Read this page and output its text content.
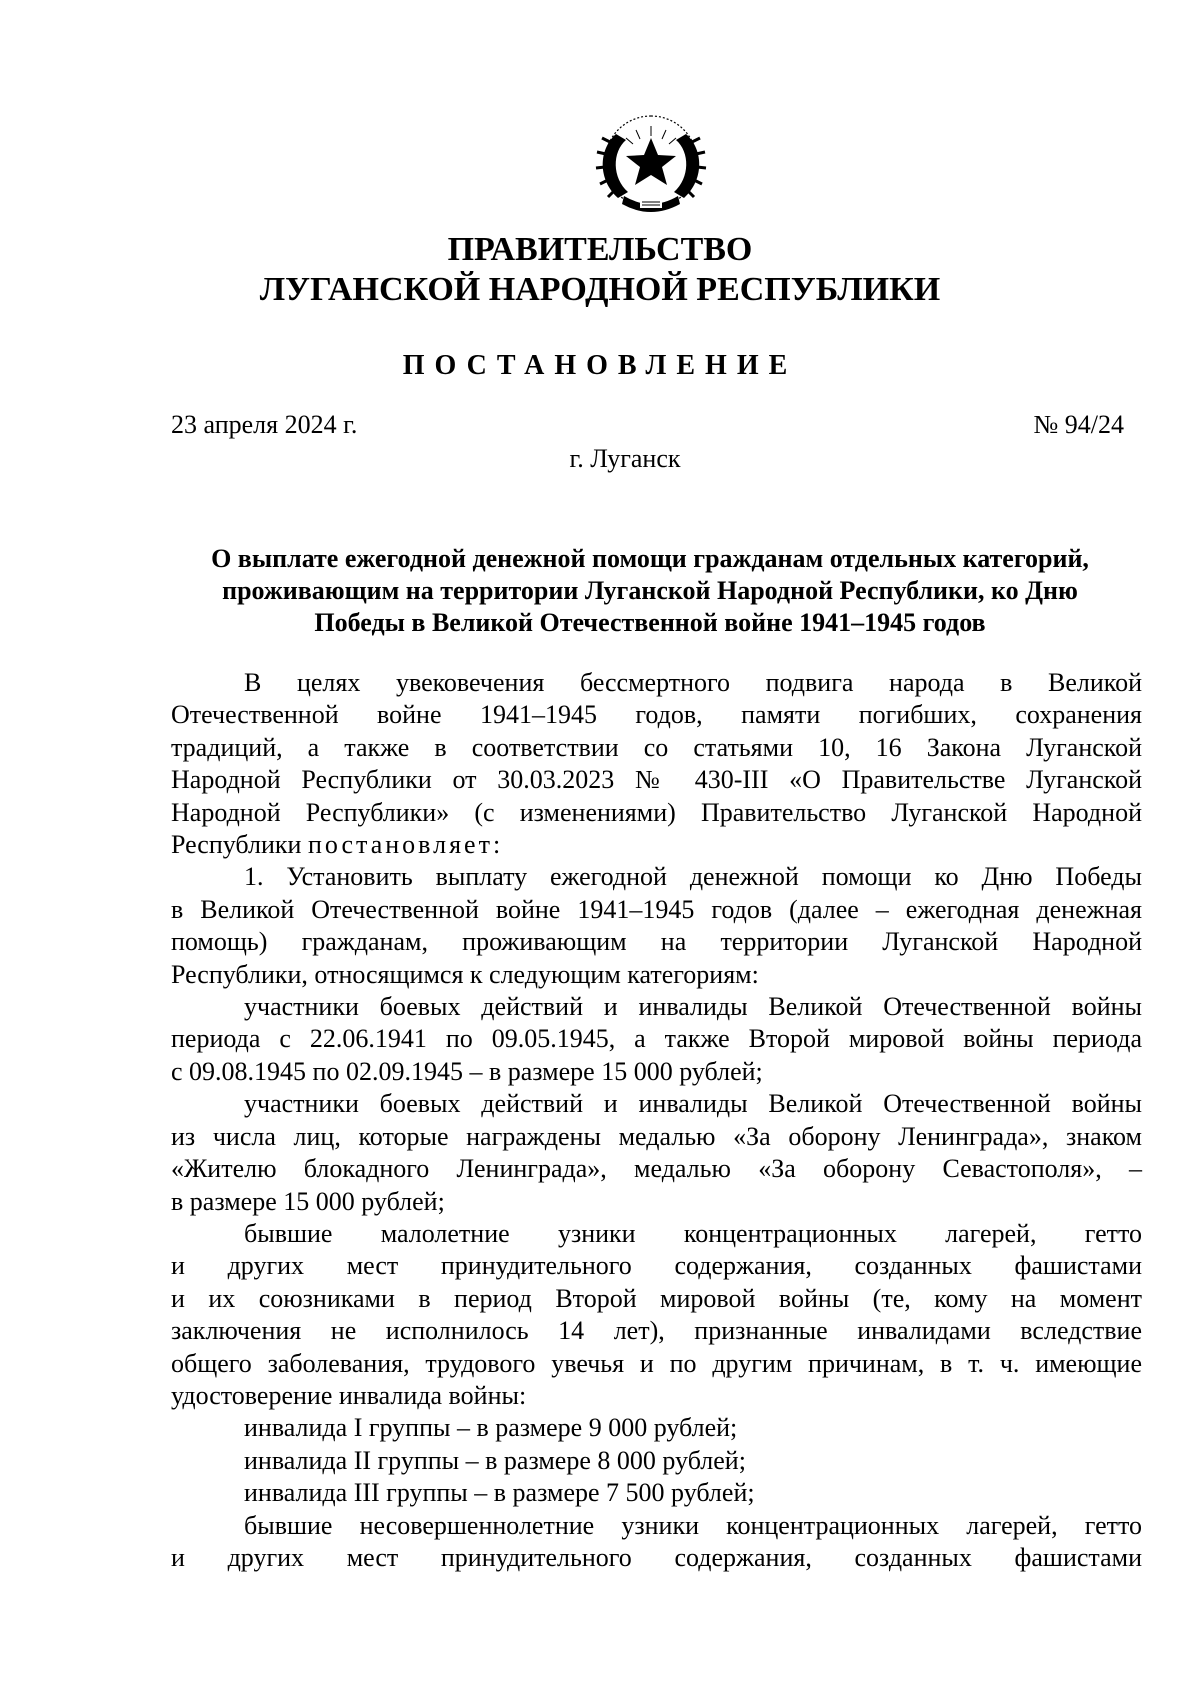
ПРАВИТЕЛЬСТВО
ЛУГАНСКОЙ НАРОДНОЙ РЕСПУБЛИКИ
ПОСТАНОВЛЕНИЕ
23 апреля 2024 г.	№ 94/24
г. Луганск
О выплате ежегодной денежной помощи гражданам отдельных категорий,
проживающим на территории Луганской Народной Республики, ко Дню
Победы в Великой Отечественной войне 1941–1945 годов
В целях увековечения бессмертного подвига народа в Великой
Отечественной войне 1941–1945 годов, памяти погибших, сохранения
традиций, а также в соответствии со статьями 10, 16 Закона Луганской
Народной Республики от 30.03.2023 № 430-III «О Правительстве Луганской
Народной Республики» (с изменениями) Правительство Луганской Народной
Республики постановляет:
1. Установить выплату ежегодной денежной помощи ко Дню Победы
в Великой Отечественной войне 1941–1945 годов (далее – ежегодная денежная
помощь) гражданам, проживающим на территории Луганской Народной
Республики, относящимся к следующим категориям:
участники боевых действий и инвалиды Великой Отечественной войны
периода с 22.06.1941 по 09.05.1945, а также Второй мировой войны периода
с 09.08.1945 по 02.09.1945 – в размере 15 000 рублей;
участники боевых действий и инвалиды Великой Отечественной войны
из числа лиц, которые награждены медалью «За оборону Ленинграда», знаком
«Жителю блокадного Ленинграда», медалью «За оборону Севастополя», –
в размере 15 000 рублей;
бывшие малолетние узники концентрационных лагерей, гетто
и других мест принудительного содержания, созданных фашистами
и их союзниками в период Второй мировой войны (те, кому на момент
заключения не исполнилось 14 лет), признанные инвалидами вследствие
общего заболевания, трудового увечья и по другим причинам, в т. ч. имеющие
удостоверение инвалида войны:
инвалида I группы – в размере 9 000 рублей;
инвалида II группы – в размере 8 000 рублей;
инвалида III группы – в размере 7 500 рублей;
бывшие несовершеннолетние узники концентрационных лагерей, гетто
и других мест принудительного содержания, созданных фашистами
